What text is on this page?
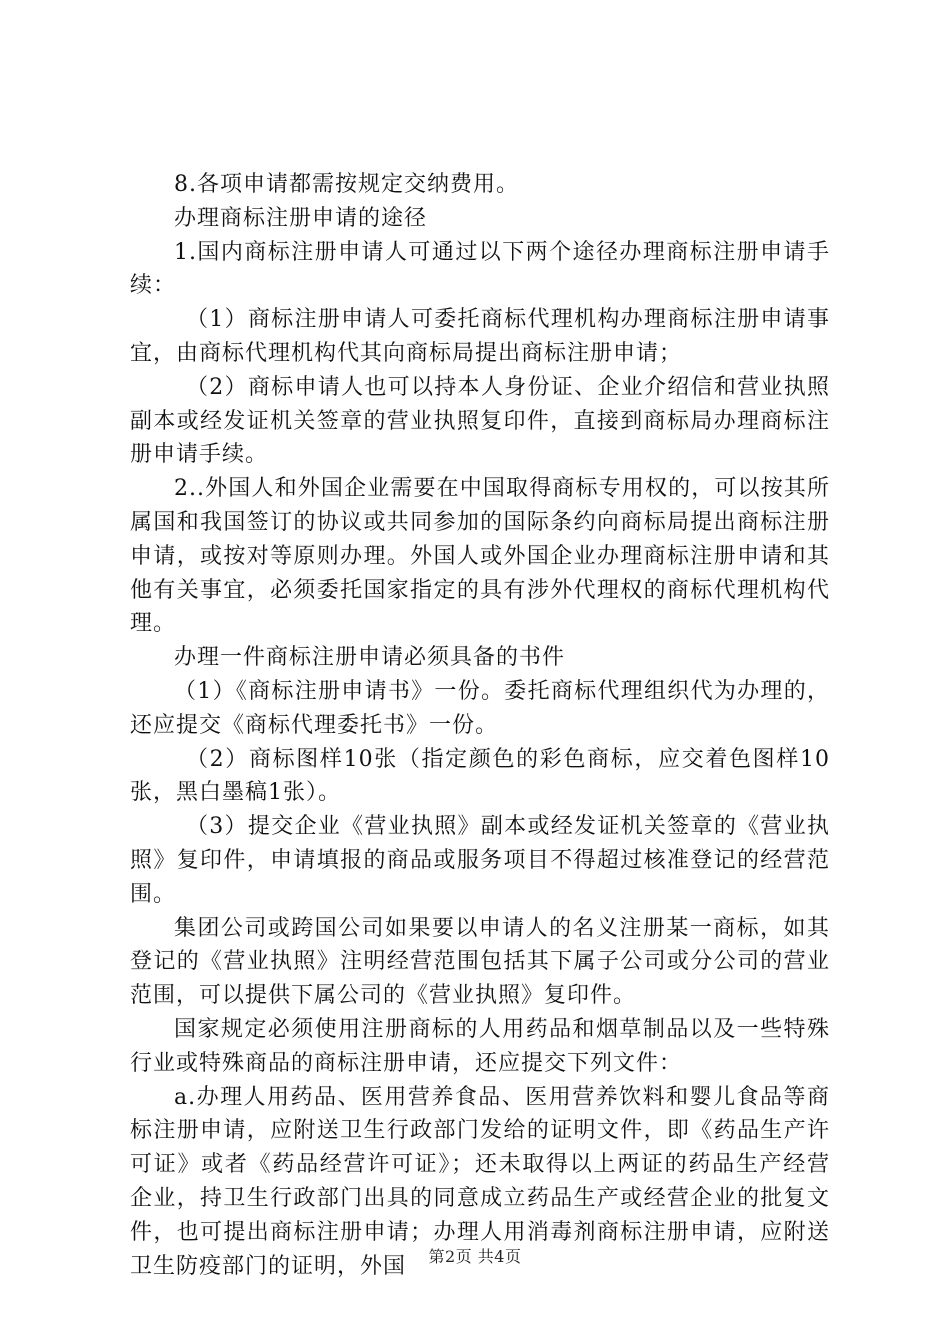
8.各项申请都需按规定交纳费用。

办理商标注册申请的途径

1.国内商标注册申请人可通过以下两个途径办理商标注册申请手续：

（1）商标注册申请人可委托商标代理机构办理商标注册申请事宜，由商标代理机构代其向商标局提出商标注册申请；

（2）商标申请人也可以持本人身份证、企业介绍信和营业执照副本或经发证机关签章的营业执照复印件，直接到商标局办理商标注册申请手续。

2..外国人和外国企业需要在中国取得商标专用权的，可以按其所属国和我国签订的协议或共同参加的国际条约向商标局提出商标注册申请，或按对等原则办理。外国人或外国企业办理商标注册申请和其他有关事宜，必须委托国家指定的具有涉外代理权的商标代理机构代理。

办理一件商标注册申请必须具备的书件

（1）《商标注册申请书》一份。委托商标代理组织代为办理的，还应提交《商标代理委托书》一份。

（2）商标图样10张（指定颜色的彩色商标，应交着色图样10张，黑白墨稿1张）。

（3）提交企业《营业执照》副本或经发证机关签章的《营业执照》复印件，申请填报的商品或服务项目不得超过核准登记的经营范围。

集团公司或跨国公司如果要以申请人的名义注册某一商标，如其登记的《营业执照》注明经营范围包括其下属子公司或分公司的营业范围，可以提供下属公司的《营业执照》复印件。

国家规定必须使用注册商标的人用药品和烟草制品以及一些特殊行业或特殊商品的商标注册申请，还应提交下列文件：

a.办理人用药品、医用营养食品、医用营养饮料和婴儿食品等商标注册申请，应附送卫生行政部门发给的证明文件，即《药品生产许可证》或者《药品经营许可证》；还未取得以上两证的药品生产经营企业，持卫生行政部门出具的同意成立药品生产或经营企业的批复文件，也可提出商标注册申请；办理人用消毒剂商标注册申请，应附送卫生防疫部门的证明，外国	第2页 共4页
